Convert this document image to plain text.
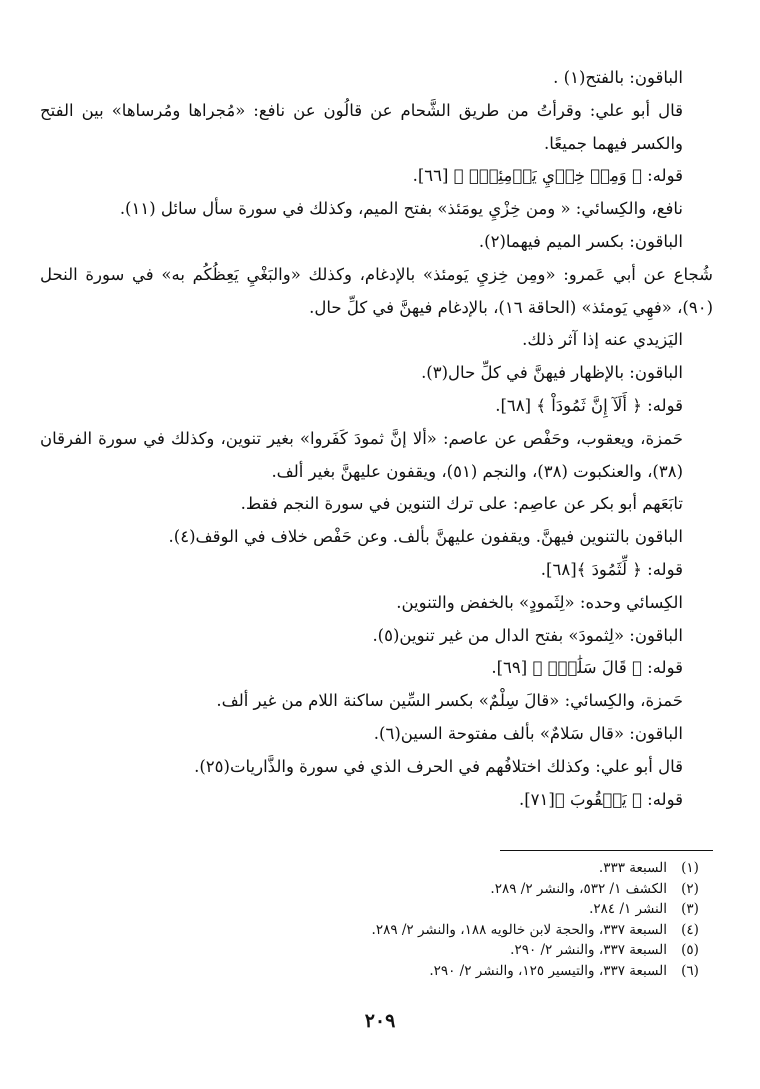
الباقون: بالفتح(١) .

قال أبو علي: وقرأتُ من طريق الشَّحام عن قالُون عن نافع: «مُجراها ومُرساها» بين الفتح والكسر فيهما جميعًا.

قوله: ﴿ وَمِنۡ خِزۡيِ يَوۡمِئِذٍۚ ﴾ [٦٦].

نافع، والكِسائي: « ومن خِزْيِ يومَئذ» بفتح الميم، وكذلك في سورة سأل سائل (١١).

الباقون: بكسر الميم فيهما(٢).

شُجاع عن أبي عَمرو: «ومِن خِزيِ يَومئذ» بالإدغام، وكذلك «والبَغْيِ يَعِظُكُم به» في سورة النحل (٩٠)، «فهِي يَومئذ» (الحاقة ١٦)، بالإدغام فيهنَّ في كلِّ حال.

اليَزيدي عنه إذا آثر ذلك.

الباقون: بالإظهار فيهنَّ في كلِّ حال(٣).

قوله: ﴿ أَلَآ إِنَّ ثَمُودَاْ ﴾ [٦٨].

حَمزة، ويعقوب، وحَفْص عن عاصم: «ألا إنَّ ثمودَ كَفَروا» بغير تنوين، وكذلك في سورة الفرقان (٣٨)، والعنكبوت (٣٨)، والنجم (٥١)، ويقفون عليهنَّ بغير ألف.

تابَعَهم أبو بكر عن عاصِم: على ترك التنوين في سورة النجم فقط.

الباقون بالتنوين فيهنَّ. ويقفون عليهنَّ بألف. وعن حَفْص خلاف في الوقف(٤).

قوله: ﴿ لِّثَمُودَ ﴾[٦٨].

الكِسائي وحده: «لِثَمودٍ» بالخفض والتنوين.

الباقون: «لِثمودَ» بفتح الدال من غير تنوين(٥).

قوله: ﴿ قَالَ سَلَٰمٌۖ ﴾ [٦٩].

حَمزة، والكِسائي: «قالَ سِلْمٌ» بكسر السِّين ساكنة اللام من غير ألف.

الباقون: «قال سَلامٌ» بألف مفتوحة السين(٦).

قال أبو علي: وكذلك اختلافُهم في الحرف الذي في سورة والذَّاريات(٢٥).

قوله: ﴿ يَعۡقُوبَ ﴾[٧١].

(١)
السبعة ٣٣٣.
(٢)
الكشف ١/ ٥٣٢، والنشر ٢/ ٢٨٩.
(٣)
النشر ١/ ٢٨٤.
(٤)
السبعة ٣٣٧، والحجة لابن خالويه ١٨٨، والنشر ٢/ ٢٨٩.
(٥)
السبعة ٣٣٧، والنشر ٢/ ٢٩٠.
(٦)
السبعة ٣٣٧، والتيسير ١٢٥، والنشر ٢/ ٢٩٠.
٢٠٩
